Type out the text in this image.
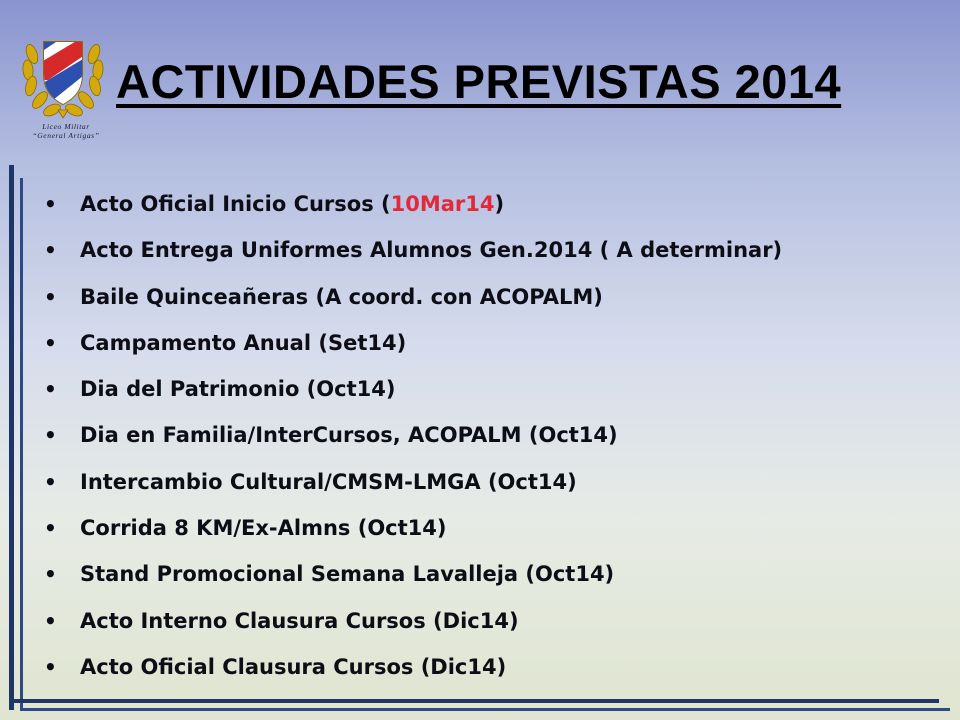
Liceo Militar
“General Artigas”
ACTIVIDADES PREVISTAS 2014
• Acto Oficial Inicio Cursos (10Mar14)
• Acto Entrega Uniformes Alumnos Gen.2014 ( A determinar)
• Baile Quinceañeras (A coord. con ACOPALM)
• Campamento Anual (Set14)
• Dia del Patrimonio (Oct14)
• Dia en Familia/InterCursos, ACOPALM (Oct14)
• Intercambio Cultural/CMSM-LMGA (Oct14)
• Corrida 8 KM/Ex-Almns (Oct14)
• Stand Promocional Semana Lavalleja (Oct14)
• Acto Interno Clausura Cursos (Dic14)
• Acto Oficial Clausura Cursos (Dic14)
